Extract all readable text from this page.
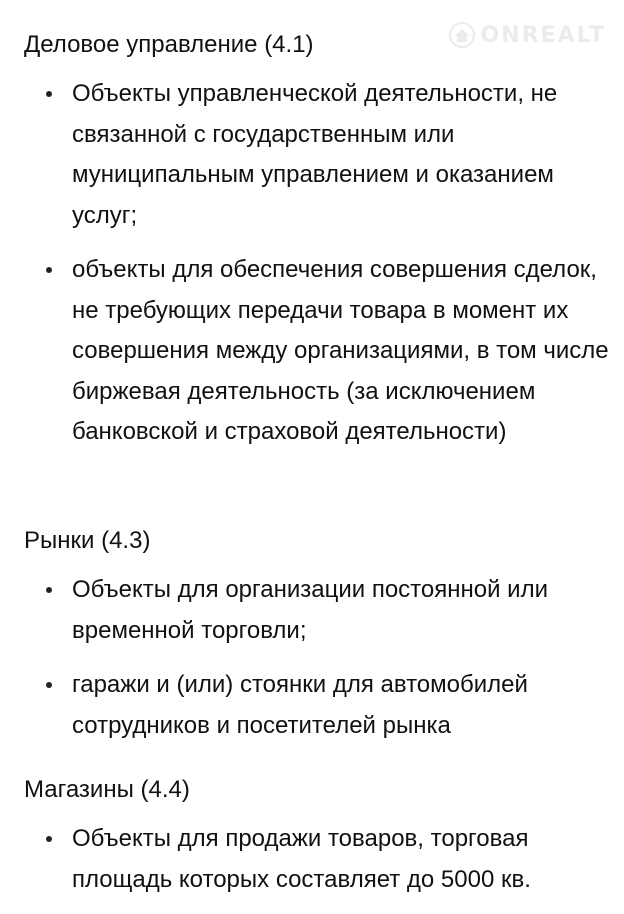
ONREALT
Деловое управление (4.1)
Объекты управленческой деятельности, не связанной с государственным или муниципальным управлением и оказанием услуг;
объекты для обеспечения совершения сделок, не требующих передачи товара в момент их совершения между организациями, в том числе биржевая деятельность (за исключением банковской и страховой деятельности)
Рынки (4.3)
Объекты для организации постоянной или временной торговли;
гаражи и (или) стоянки для автомобилей сотрудников и посетителей рынка
Магазины (4.4)
Объекты для продажи товаров, торговая площадь которых составляет до 5000 кв.
